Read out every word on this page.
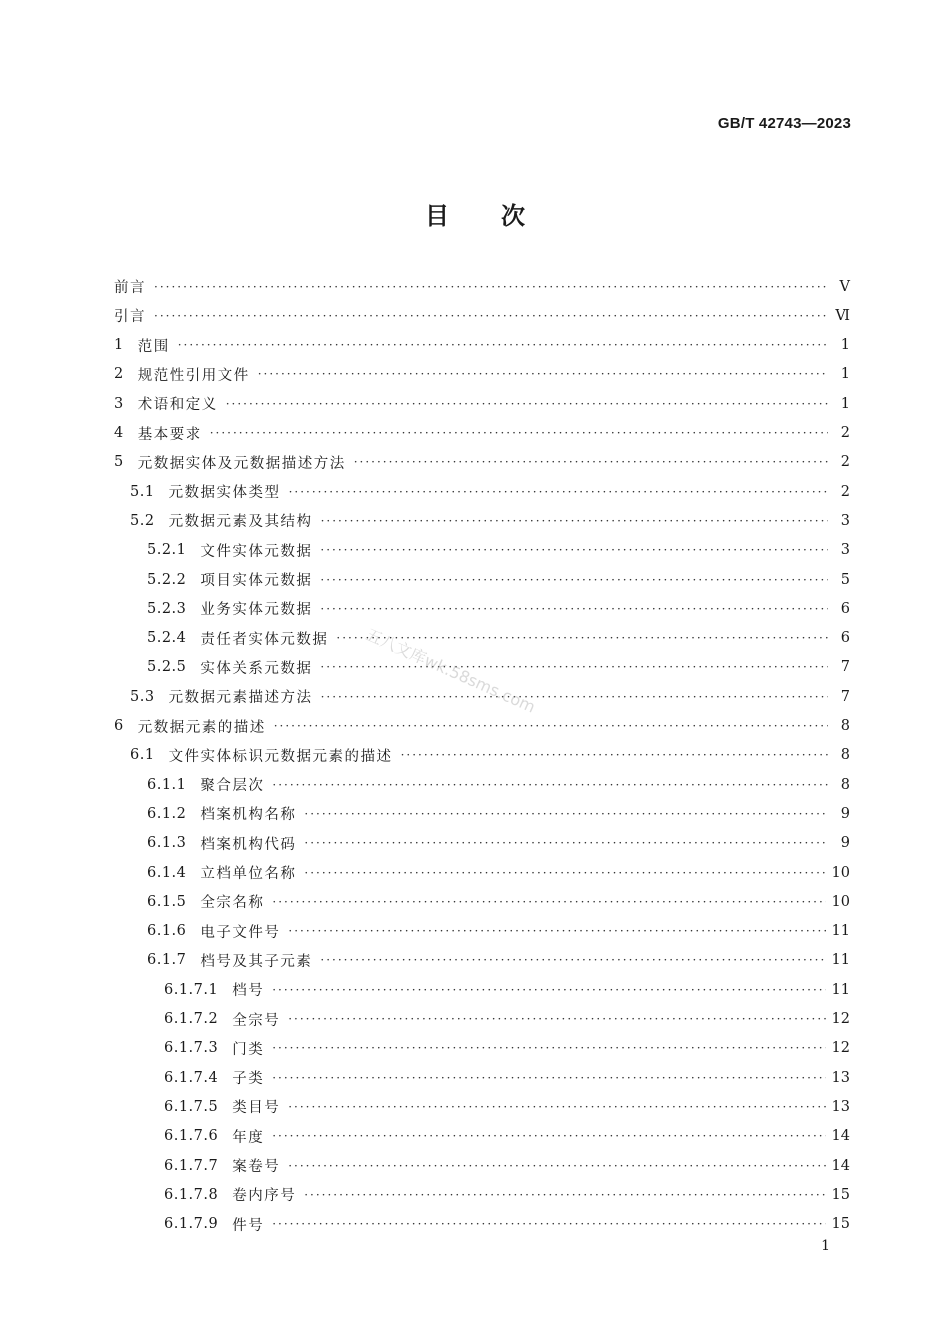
GB/T 42743—2023
目次
前言 ·····	Ⅴ
引言 ·····	Ⅵ
1 范围 ·····	1
2 规范性引用文件 ·····	1
3 术语和定义 ·····	1
4 基本要求 ·····	2
5 元数据实体及元数据描述方法 ·····	2
5.1 元数据实体类型 ·····	2
5.2 元数据元素及其结构 ·····	3
5.2.1 文件实体元数据 ·····	3
5.2.2 项目实体元数据 ·····	5
5.2.3 业务实体元数据 ·····	6
5.2.4 责任者实体元数据 ·····	6
5.2.5 实体关系元数据 ·····	7
5.3 元数据元素描述方法 ·····	7
6 元数据元素的描述 ·····	8
6.1 文件实体标识元数据元素的描述 ·····	8
6.1.1 聚合层次 ·····	8
6.1.2 档案机构名称 ·····	9
6.1.3 档案机构代码 ·····	9
6.1.4 立档单位名称 ·····	10
6.1.5 全宗名称 ·····	10
6.1.6 电子文件号 ·····	11
6.1.7 档号及其子元素 ·····	11
6.1.7.1 档号 ·····	11
6.1.7.2 全宗号 ·····	12
6.1.7.3 门类 ·····	12
6.1.7.4 子类 ·····	13
6.1.7.5 类目号 ·····	13
6.1.7.6 年度 ·····	14
6.1.7.7 案卷号 ·····	14
6.1.7.8 卷内序号 ·····	15
6.1.7.9 件号 ·····	15
五八文库wk.58sms.com
1
